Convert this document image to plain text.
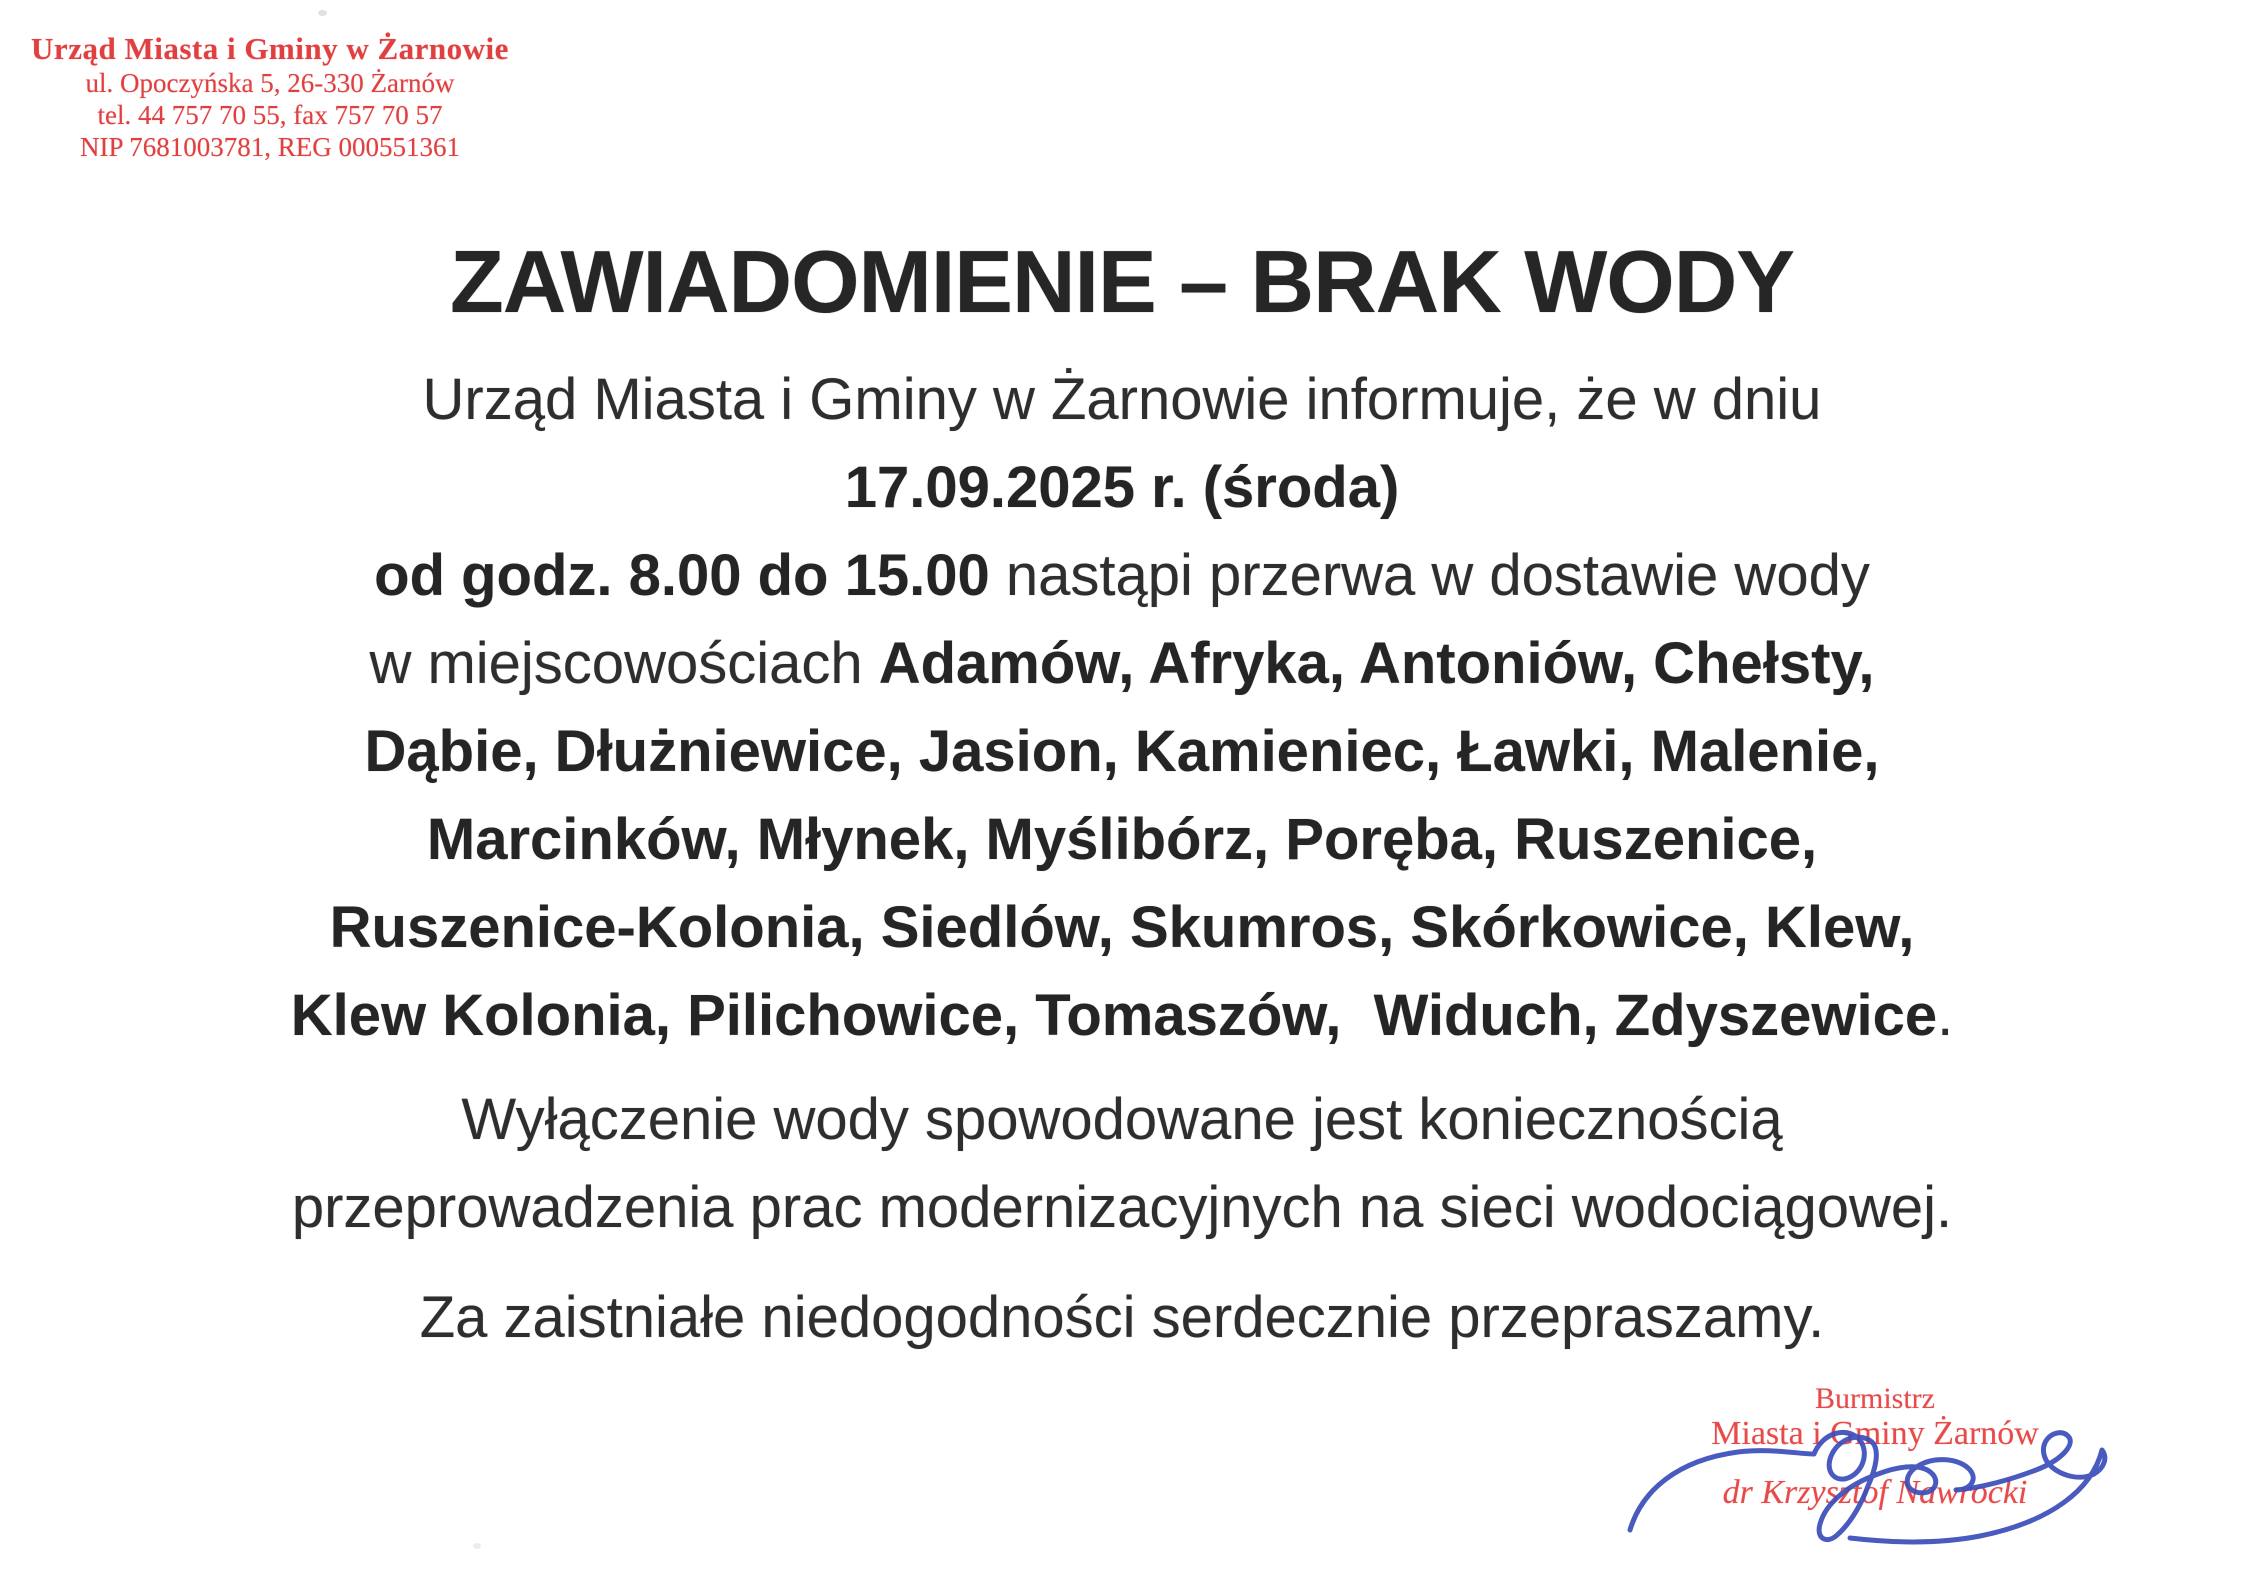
Urząd Miasta i Gminy w Żarnowie
ul. Opoczyńska 5, 26-330 Żarnów
tel. 44 757 70 55, fax 757 70 57
NIP 7681003781, REG 000551361
ZAWIADOMIENIE – BRAK WODY
Urząd Miasta i Gminy w Żarnowie informuje, że w dniu
17.09.2025 r. (środa)
od godz. 8.00 do 15.00 nastąpi przerwa w dostawie wody
w miejscowościach Adamów, Afryka, Antoniów, Chełsty,
Dąbie, Dłużniewice, Jasion, Kamieniec, Ławki, Malenie,
Marcinków, Młynek, Myślibórz, Poręba, Ruszenice,
Ruszenice-Kolonia, Siedlów, Skumros, Skórkowice, Klew,
Klew Kolonia, Pilichowice, Tomaszów,  Widuch, Zdyszewice.
Wyłączenie wody spowodowane jest koniecznością
przeprowadzenia prac modernizacyjnych na sieci wodociągowej.
Za zaistniałe niedogodności serdecznie przepraszamy.
Burmistrz
Miasta i Gminy Żarnów
dr Krzysztof Nawrocki
